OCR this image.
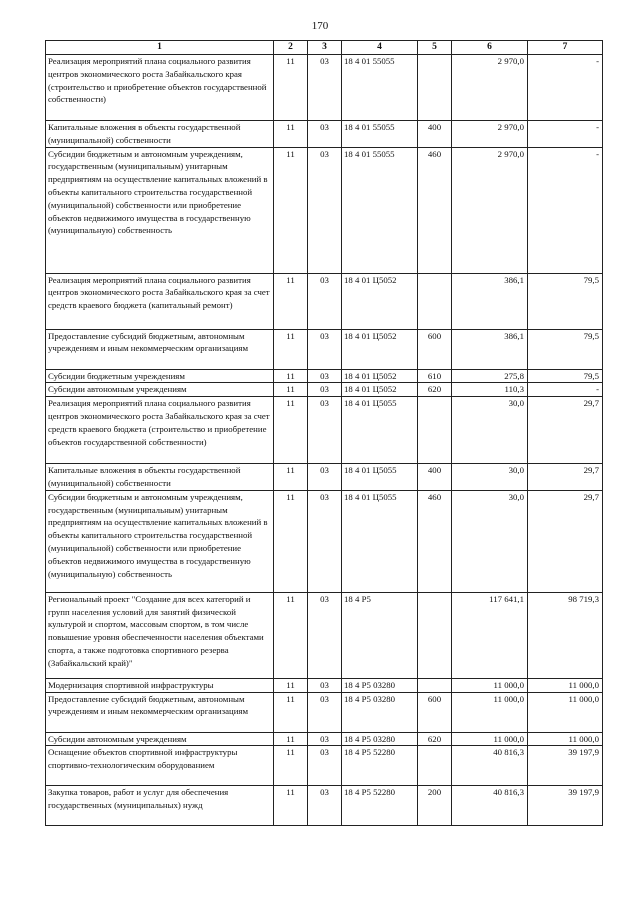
170
1	2	3	4	5	6	7
Реализация мероприятий плана социального развития центров экономического роста Забайкальского края (строительство и приобретение объектов государственной собственности)	11	03	18 4 01 55055		2 970,0	-
Капитальные вложения в объекты государственной (муниципальной) собственности	11	03	18 4 01 55055	400	2 970,0	-
Субсидии бюджетным и автономным учреждениям, государственным (муниципальным) унитарным предприятиям на осуществление капитальных вложений в объекты капитального строительства государственной (муниципальной) собственности или приобретение объектов недвижимого имущества в государственную (муниципальную) собственность	11	03	18 4 01 55055	460	2 970,0	-
Реализация мероприятий плана социального развития центров экономического роста Забайкальского края за счет средств краевого бюджета (капитальный ремонт)	11	03	18 4 01 Ц5052		386,1	79,5
Предоставление субсидий бюджетным, автономным учреждениям и иным некоммерческим организациям	11	03	18 4 01 Ц5052	600	386,1	79,5
Субсидии бюджетным учреждениям	11	03	18 4 01 Ц5052	610	275,8	79,5
Субсидии автономным учреждениям	11	03	18 4 01 Ц5052	620	110,3	-
Реализация мероприятий плана социального развития центров экономического роста Забайкальского края за счет средств краевого бюджета (строительство и приобретение объектов государственной собственности)	11	03	18 4 01 Ц5055		30,0	29,7
Капитальные вложения в объекты государственной (муниципальной) собственности	11	03	18 4 01 Ц5055	400	30,0	29,7
Субсидии бюджетным и автономным учреждениям, государственным (муниципальным) унитарным предприятиям на осуществление капитальных вложений в объекты капитального строительства государственной (муниципальной) собственности или приобретение объектов недвижимого имущества в государственную (муниципальную) собственность	11	03	18 4 01 Ц5055	460	30,0	29,7
Региональный проект "Создание для всех категорий и групп населения условий для занятий физической культурой и спортом, массовым спортом, в том числе повышение уровня обеспеченности населения объектами спорта, а также подготовка спортивного резерва (Забайкальский край)"	11	03	18 4 P5		117 641,1	98 719,3
Модернизация спортивной инфраструктуры	11	03	18 4 P5 03280		11 000,0	11 000,0
Предоставление субсидий бюджетным, автономным учреждениям и иным некоммерческим организациям	11	03	18 4 P5 03280	600	11 000,0	11 000,0
Субсидии автономным учреждениям	11	03	18 4 P5 03280	620	11 000,0	11 000,0
Оснащение объектов спортивной инфраструктуры спортивно-технологическим оборудованием	11	03	18 4 P5 52280		40 816,3	39 197,9
Закупка товаров, работ и услуг для обеспечения государственных (муниципальных) нужд	11	03	18 4 P5 52280	200	40 816,3	39 197,9
